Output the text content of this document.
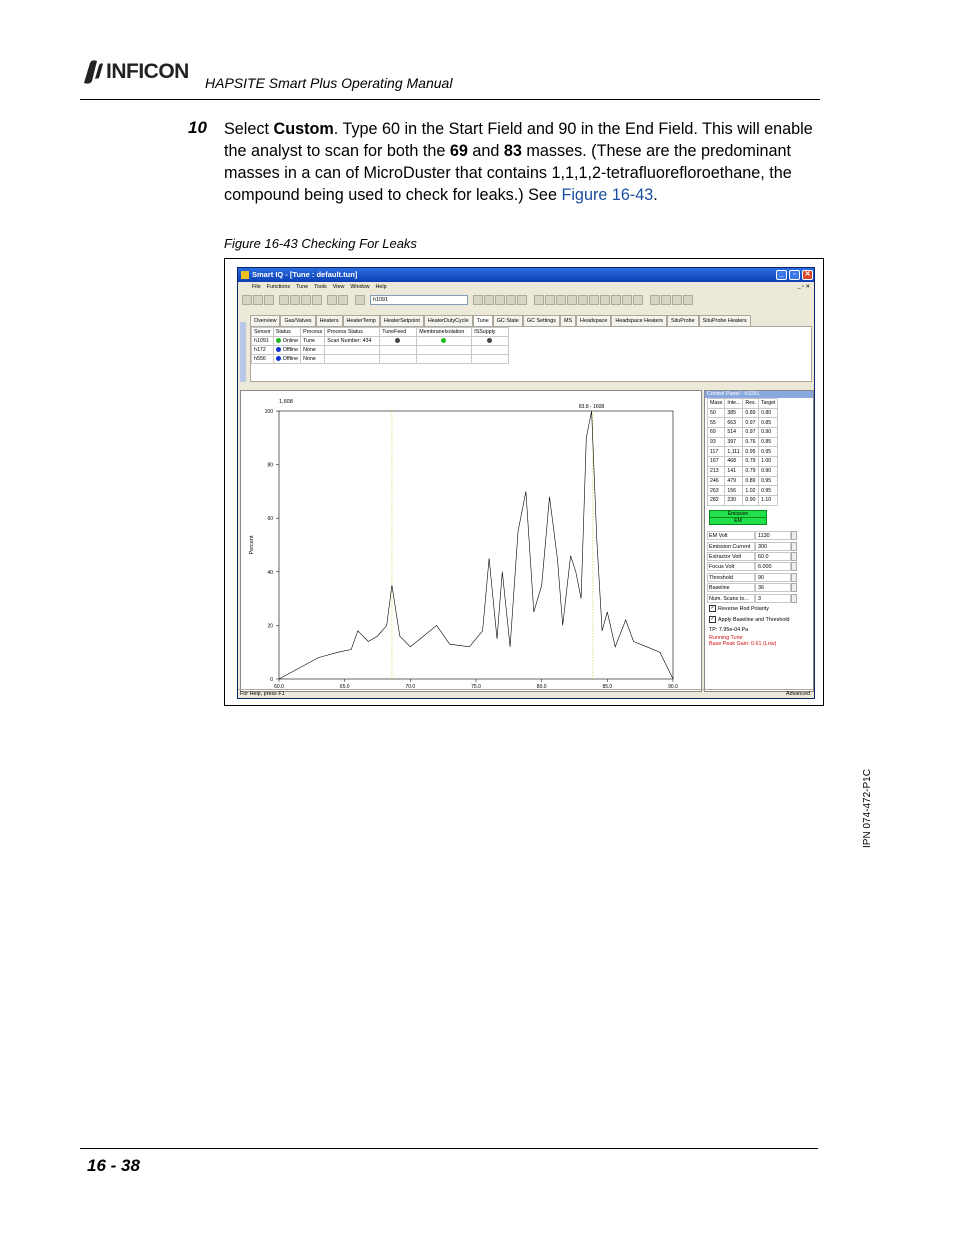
INFICON HAPSITE Smart Plus Operating Manual
10 Select Custom. Type 60 in the Start Field and 90 in the End Field. This will enable the analyst to scan for both the 69 and 83 masses. (These are the predominant masses in a can of MicroDuster that contains 1,1,1,2-tetrafluorefloroethane, the compound being used to check for leaks.) See Figure 16-43.
Figure 16-43 Checking For Leaks
Smart IQ - [Tune : default.tun]	_	▫	✕
File Functions Tune Tools View Window Help	_ ▫ ✕
h1091
Overview	Gas/Valves	Heaters	HeaterTemp	HeaterSetpoint	HeaterDutyCycle	Tune	GC State	GC Settings	MS	Headspace	Headspace Heaters	SituProbe	SituProbe Heaters
Sensor	Status	Process	Process Status	TuneFeed	MembraneIsolation	ISSupply
h1091	Online	Tune	Scan Number: 434			
h172	Offline	None				
h556	Offline	None				
0
20
40
60
80
100
60.0	65.0	70.0	75.0	80.0	85.0	90.0
Percent
1,608
83.8 - 1608
Control Panel - h1091
Mass	Inte...	Res.	Target
50	385	0.89	0.80
55	663	0.97	0.85
69	514	0.97	0.90
93	397	0.76	0.85
117	1,111	0.95	0.95
167	468	0.79	1.00
213	141	0.79	0.90
246	479	0.89	0.95
263	156	1.02	0.95
282	230	0.90	1.10
Emission
EM
EM Volt	1130
Emission Current	300
Extractor Volt	60.0
Focus Volt	6.000
Threshold	90
Baseline	36
Num. Scans to...	3
✓ Reverse Rod Polarity
✓ Apply Baseline and Threshold
TP: 7.95e-04 Pa
Running Tune
Base Peak Gain: 0.61 (Low)
For Help, press F1	Advanced
IPN 074-472-P1C
16 - 38
